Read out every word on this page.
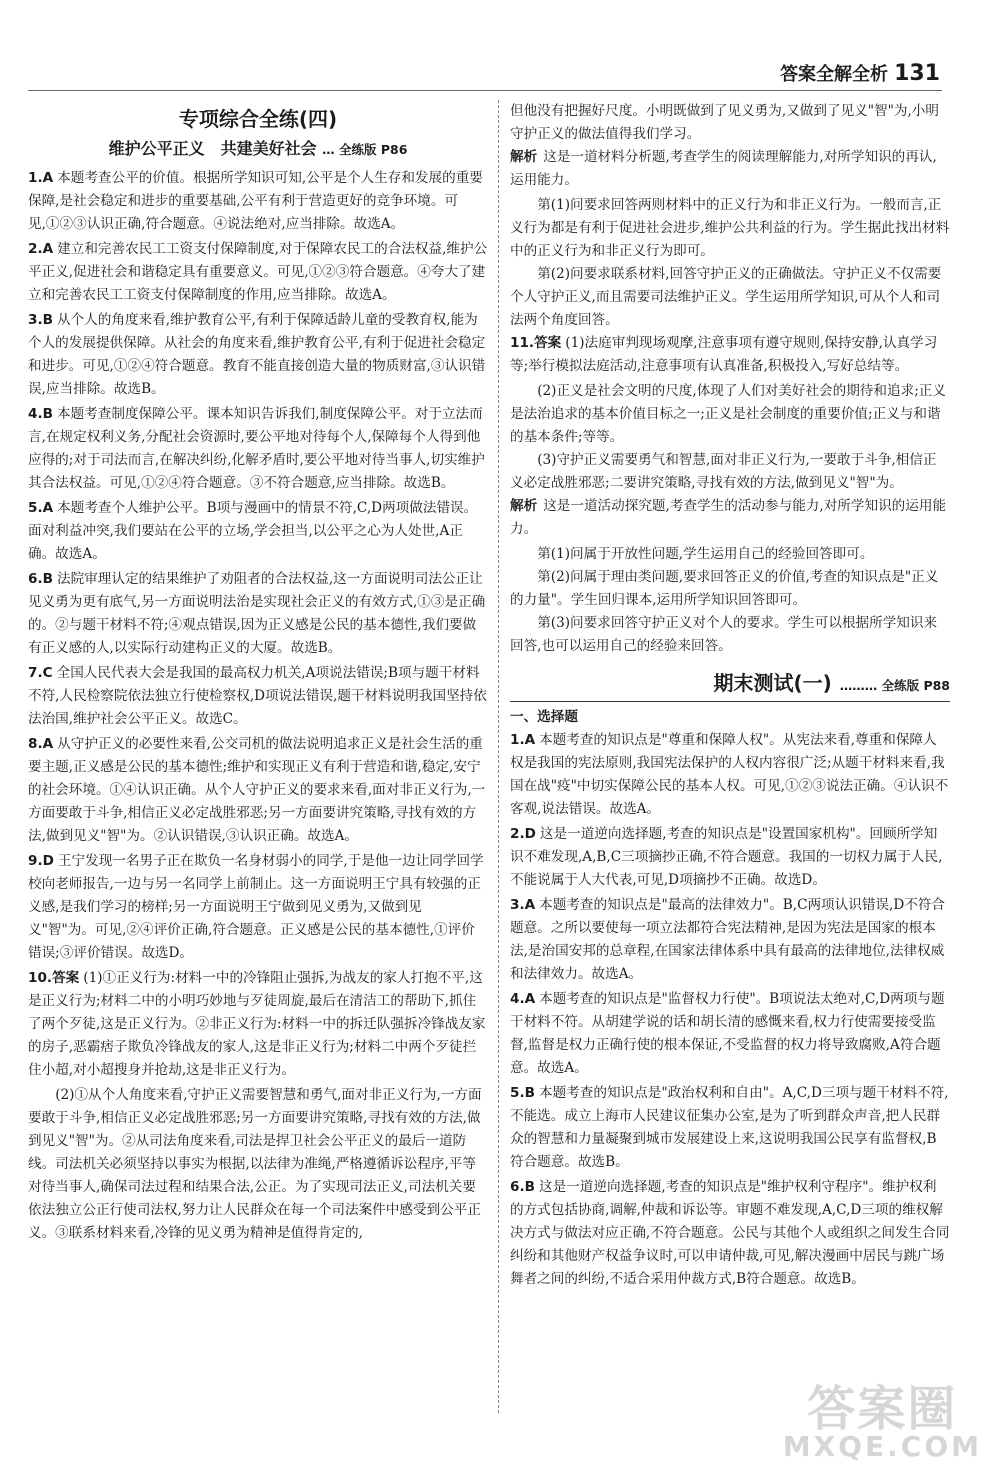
答案全解全析 131
专项综合全练(四)
维护公平正义　共建美好社会 … 全练版 P86
1.A 本题考查公平的价值。根据所学知识可知,公平是个人生存和发展的重要保障,是社会稳定和进步的重要基础,公平有利于营造更好的竞争环境。可见,①②③认识正确,符合题意。④说法绝对,应当排除。故选A。
2.A 建立和完善农民工工资支付保障制度,对于保障农民工的合法权益,维护公平正义,促进社会和谐稳定具有重要意义。可见,①②③符合题意。④夸大了建立和完善农民工工资支付保障制度的作用,应当排除。故选A。
3.B 从个人的角度来看,维护教育公平,有利于保障适龄儿童的受教育权,能为个人的发展提供保障。从社会的角度来看,维护教育公平,有利于促进社会稳定和进步。可见,①②④符合题意。教育不能直接创造大量的物质财富,③认识错误,应当排除。故选B。
4.B 本题考查制度保障公平。课本知识告诉我们,制度保障公平。对于立法而言,在规定权利义务,分配社会资源时,要公平地对待每个人,保障每个人得到他应得的;对于司法而言,在解决纠纷,化解矛盾时,要公平地对待当事人,切实维护其合法权益。可见,①②④符合题意。③不符合题意,应当排除。故选B。
5.A 本题考查个人维护公平。B项与漫画中的情景不符,C,D两项做法错误。面对利益冲突,我们要站在公平的立场,学会担当,以公平之心为人处世,A正确。故选A。
6.B 法院审理认定的结果维护了劝阻者的合法权益,这一方面说明司法公正让见义勇为更有底气,另一方面说明法治是实现社会正义的有效方式,①③是正确的。②与题干材料不符;④观点错误,因为正义感是公民的基本德性,我们要做有正义感的人,以实际行动建构正义的大厦。故选B。
7.C 全国人民代表大会是我国的最高权力机关,A项说法错误;B项与题干材料不符,人民检察院依法独立行使检察权,D项说法错误,题干材料说明我国坚持依法治国,维护社会公平正义。故选C。
8.A 从守护正义的必要性来看,公交司机的做法说明追求正义是社会生活的重要主题,正义感是公民的基本德性;维护和实现正义有利于营造和谐,稳定,安宁的社会环境。①④认识正确。从个人守护正义的要求来看,面对非正义行为,一方面要敢于斗争,相信正义必定战胜邪恶;另一方面要讲究策略,寻找有效的方法,做到见义"智"为。②认识错误,③认识正确。故选A。
9.D 王宁发现一名男子正在欺负一名身材弱小的同学,于是他一边让同学回学校向老师报告,一边与另一名同学上前制止。这一方面说明王宁具有较强的正义感,是我们学习的榜样;另一方面说明王宁做到见义勇为,又做到见义"智"为。可见,②④评价正确,符合题意。正义感是公民的基本德性,①评价错误;③评价错误。故选D。
10.答案 (1)①正义行为:材料一中的冷锋阻止强拆,为战友的家人打抱不平,这是正义行为;材料二中的小明巧妙地与歹徒周旋,最后在清洁工的帮助下,抓住了两个歹徒,这是正义行为。②非正义行为:材料一中的拆迁队强拆冷锋战友家的房子,恶霸痞子欺负冷锋战友的家人,这是非正义行为;材料二中两个歹徒拦住小超,对小超搜身并抢劫,这是非正义行为。

(2)①从个人角度来看,守护正义需要智慧和勇气,面对非正义行为,一方面要敢于斗争,相信正义必定战胜邪恶;另一方面要讲究策略,寻找有效的方法,做到见义"智"为。②从司法角度来看,司法是捍卫社会公平正义的最后一道防线。司法机关必须坚持以事实为根据,以法律为准绳,严格遵循诉讼程序,平等对待当事人,确保司法过程和结果合法,公正。为了实现司法正义,司法机关要依法独立公正行使司法权,努力让人民群众在每一个司法案件中感受到公平正义。③联系材料来看,冷锋的见义勇为精神是值得肯定的,

但他没有把握好尺度。小明既做到了见义勇为,又做到了见义"智"为,小明守护正义的做法值得我们学习。

解析 这是一道材料分析题,考查学生的阅读理解能力,对所学知识的再认,运用能力。

第(1)问要求回答两则材料中的正义行为和非正义行为。一般而言,正义行为都是有利于促进社会进步,维护公共利益的行为。学生据此找出材料中的正义行为和非正义行为即可。

第(2)问要求联系材料,回答守护正义的正确做法。守护正义不仅需要个人守护正义,而且需要司法维护正义。学生运用所学知识,可从个人和司法两个角度回答。

11.答案 (1)法庭审判现场观摩,注意事项有遵守规则,保持安静,认真学习等;举行模拟法庭活动,注意事项有认真准备,积极投入,写好总结等。

(2)正义是社会文明的尺度,体现了人们对美好社会的期待和追求;正义是法治追求的基本价值目标之一;正义是社会制度的重要价值;正义与和谐的基本条件;等等。

(3)守护正义需要勇气和智慧,面对非正义行为,一要敢于斗争,相信正义必定战胜邪恶;二要讲究策略,寻找有效的方法,做到见义"智"为。

解析 这是一道活动探究题,考查学生的活动参与能力,对所学知识的运用能力。

第(1)问属于开放性问题,学生运用自己的经验回答即可。

第(2)问属于理由类问题,要求回答正义的价值,考查的知识点是"正义的力量"。学生回归课本,运用所学知识回答即可。

第(3)问要求回答守护正义对个人的要求。学生可以根据所学知识来回答,也可以运用自己的经验来回答。

期末测试(一) ……… 全练版 P88

一、选择题

1.A 本题考查的知识点是"尊重和保障人权"。从宪法来看,尊重和保障人权是我国的宪法原则,我国宪法保护的人权内容很广泛;从题干材料来看,我国在战"疫"中切实保障公民的基本人权。可见,①②③说法正确。④认识不客观,说法错误。故选A。
2.D 这是一道逆向选择题,考查的知识点是"设置国家机构"。回顾所学知识不难发现,A,B,C三项摘抄正确,不符合题意。我国的一切权力属于人民,不能说属于人大代表,可见,D项摘抄不正确。故选D。
3.A 本题考查的知识点是"最高的法律效力"。B,C两项认识错误,D不符合题意。之所以要使每一项立法都符合宪法精神,是因为宪法是国家的根本法,是治国安邦的总章程,在国家法律体系中具有最高的法律地位,法律权威和法律效力。故选A。
4.A 本题考查的知识点是"监督权力行使"。B项说法太绝对,C,D两项与题干材料不符。从胡建学说的话和胡长清的感慨来看,权力行使需要接受监督,监督是权力正确行使的根本保证,不受监督的权力将导致腐败,A符合题意。故选A。
5.B 本题考查的知识点是"政治权利和自由"。A,C,D三项与题干材料不符,不能选。成立上海市人民建议征集办公室,是为了听到群众声音,把人民群众的智慧和力量凝聚到城市发展建设上来,这说明我国公民享有监督权,B符合题意。故选B。
6.B 这是一道逆向选择题,考查的知识点是"维护权利守程序"。维护权利的方式包括协商,调解,仲裁和诉讼等。审题不难发现,A,C,D三项的维权解决方式与做法对应正确,不符合题意。公民与其他个人或组织之间发生合同纠纷和其他财产权益争议时,可以申请仲裁,可见,解决漫画中居民与跳广场舞者之间的纠纷,不适合采用仲裁方式,B符合题意。故选B。
答案圈
MXQE.COM
